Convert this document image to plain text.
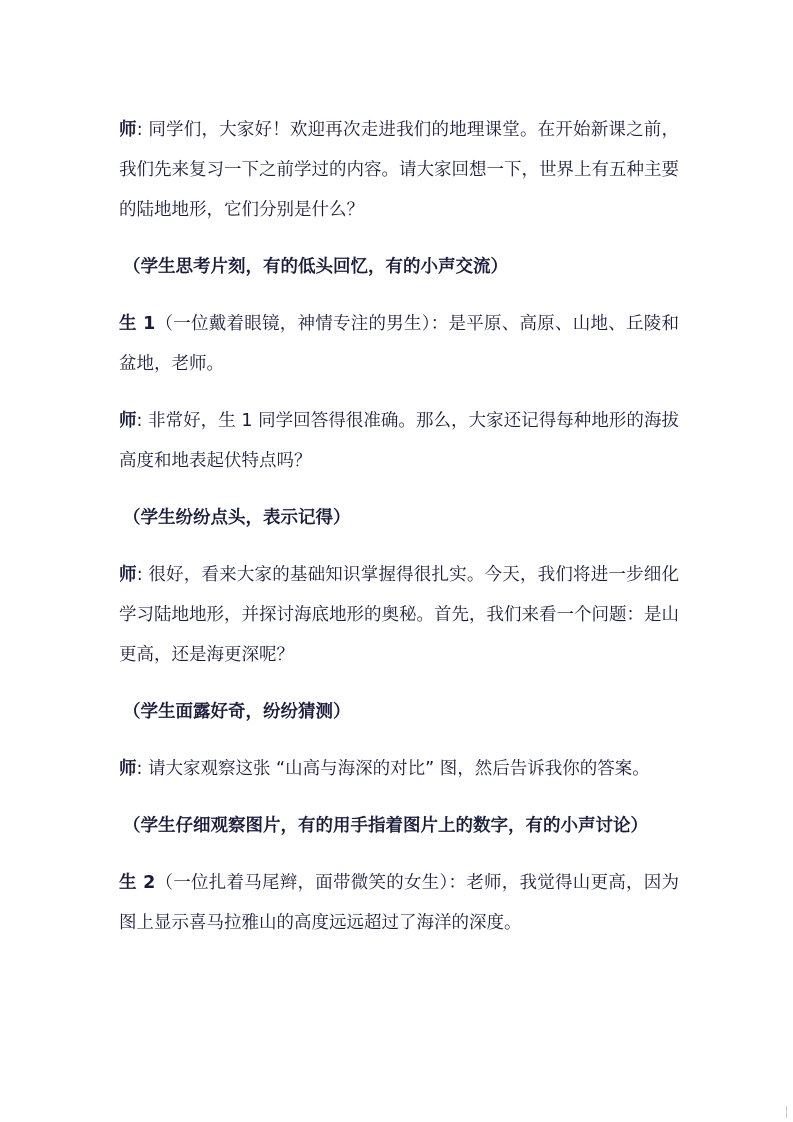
师: 同学们，大家好！欢迎再次走进我们的地理课堂。在开始新课之前，我们先来复习一下之前学过的内容。请大家回想一下，世界上有五种主要的陆地地形，它们分别是什么？

（学生思考片刻，有的低头回忆，有的小声交流）

生 1（一位戴着眼镜，神情专注的男生）：是平原、高原、山地、丘陵和盆地，老师。

师: 非常好，生 1 同学回答得很准确。那么，大家还记得每种地形的海拔高度和地表起伏特点吗？

（学生纷纷点头，表示记得）

师: 很好，看来大家的基础知识掌握得很扎实。今天，我们将进一步细化学习陆地地形，并探讨海底地形的奥秘。首先，我们来看一个问题：是山更高，还是海更深呢？

（学生面露好奇，纷纷猜测）

师: 请大家观察这张 “山高与海深的对比” 图，然后告诉我你的答案。

（学生仔细观察图片，有的用手指着图片上的数字，有的小声讨论）

生 2（一位扎着马尾辫，面带微笑的女生）：老师，我觉得山更高，因为图上显示喜马拉雅山的高度远远超过了海洋的深度。
